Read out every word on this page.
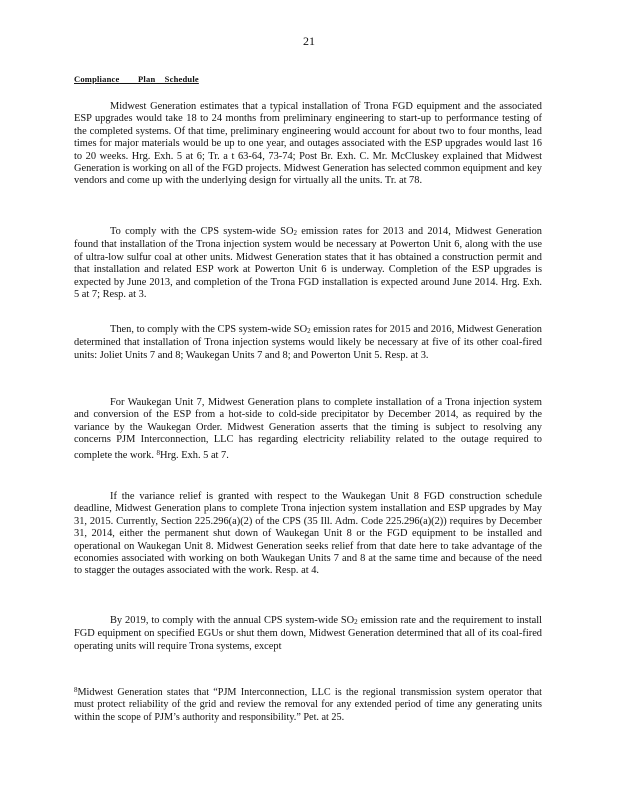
21
Compliance        Plan    Schedule

Midwest Generation estimates that a typical installation of Trona FGD equipment and the associated ESP upgrades would take 18 to 24 months from preliminary engineering to start-up to performance testing of the completed systems. Of that time, preliminary engineering would account for about two to four months, lead times for major materials would be up to one year, and outages associated with the ESP upgrades would last 16 to 20 weeks. Hrg. Exh. 5 at 6; Tr. a t 63-64, 73-74; Post Br. Exh. C. Mr. McCluskey explained that Midwest Generation is working on all of the FGD projects. Midwest Generation has selected common equipment and key vendors and come up with the underlying design for virtually all the units. Tr. at 78.

To comply with the CPS system-wide SO2 emission rates for 2013 and 2014, Midwest Generation found that installation of the Trona injection system would be necessary at Powerton Unit 6, along with the use of ultra-low sulfur coal at other units. Midwest Generation states that it has obtained a construction permit and that installation and related ESP work at Powerton Unit 6 is underway. Completion of the ESP upgrades is expected by June 2013, and completion of the Trona FGD installation is expected around June 2014. Hrg. Exh. 5 at 7; Resp. at 3.

Then, to comply with the CPS system-wide SO2 emission rates for 2015 and 2016, Midwest Generation determined that installation of Trona injection systems would likely be necessary at five of its other coal-fired units: Joliet Units 7 and 8; Waukegan Units 7 and 8; and Powerton Unit 5. Resp. at 3.

For Waukegan Unit 7, Midwest Generation plans to complete installation of a Trona injection system and conversion of the ESP from a hot-side to cold-side precipitator by December 2014, as required by the variance by the Waukegan Order. Midwest Generation asserts that the timing is subject to resolving any concerns PJM Interconnection, LLC has regarding electricity reliability related to the outage required to complete the work. $^8$Hrg. Exh. 5 at 7.

If the variance relief is granted with respect to the Waukegan Unit 8 FGD construction schedule deadline, Midwest Generation plans to complete Trona injection system installation and ESP upgrades by May 31, 2015. Currently, Section 225.296(a)(2) of the CPS (35 Ill. Adm. Code 225.296(a)(2)) requires by December 31, 2014, either the permanent shut down of Waukegan Unit 8 or the FGD equipment to be installed and operational on Waukegan Unit 8. Midwest Generation seeks relief from that date here to take advantage of the economies associated with working on both Waukegan Units 7 and 8 at the same time and because of the need to stagger the outages associated with the work. Resp. at 4.

By 2019, to comply with the annual CPS system-wide SO2 emission rate and the requirement to install FGD equipment on specified EGUs or shut them down, Midwest Generation determined that all of its coal-fired operating units will require Trona systems, except

$^8$Midwest Generation states that “PJM Interconnection, LLC is the regional transmission system operator that must protect reliability of the grid and review the removal for any extended period of time any generating units within the scope of PJM’s authority and responsibility.” Pet. at 25.
